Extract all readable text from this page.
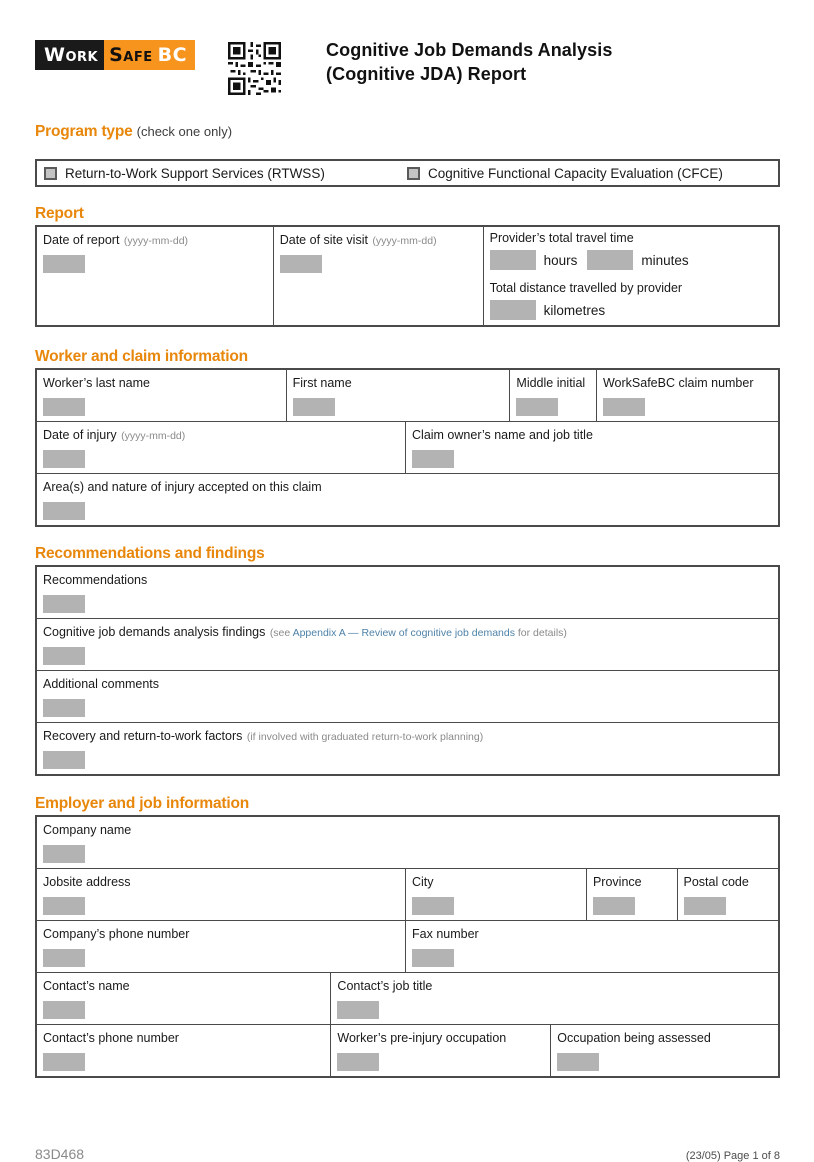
Work Safe BC	Cognitive Job Demands Analysis
(Cognitive JDA) Report
Program type (check one only)
Return-to-Work Support Services (RTWSS)	Cognitive Functional Capacity Evaluation (CFCE)
Report
Date of report (yyyy-mm-dd)	Date of site visit (yyyy-mm-dd)	Provider’s total travel time
hours	minutes
Total distance travelled by provider
kilometres
Worker and claim information
Worker’s last name	First name	Middle initial	WorkSafeBC claim number
Date of injury (yyyy-mm-dd)	Claim owner’s name and job title
Area(s) and nature of injury accepted on this claim
Recommendations and findings
Recommendations
Cognitive job demands analysis findings (see Appendix A — Review of cognitive job demands for details)
Additional comments
Recovery and return-to-work factors (if involved with graduated return-to-work planning)
Employer and job information
Company name
Jobsite address	City	Province	Postal code
Company’s phone number	Fax number
Contact’s name	Contact’s job title
Contact’s phone number	Worker’s pre-injury occupation	Occupation being assessed
83D468	(23/05) Page 1 of 8
